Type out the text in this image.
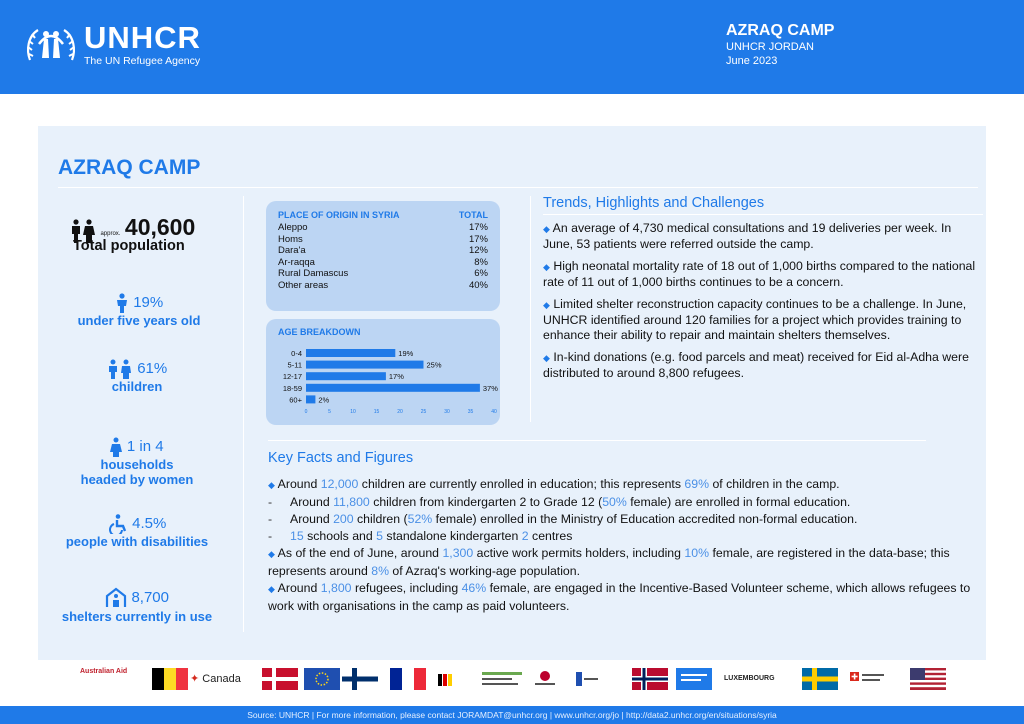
UNHCR
The UN Refugee Agency
AZRAQ CAMP
UNHCR JORDAN
June 2023
AZRAQ CAMP
approx. 40,600
Total population
19%
under five years old
61%
children
1 in 4
households
headed by women
4.5%
people with disabilities
8,700
shelters currently in use
PLACE OF ORIGIN IN SYRIA	TOTAL
Aleppo	17%
Homs	17%
Dara'a	12%
Ar-raqqa	8%
Rural Damascus	6%
Other areas	40%
AGE BREAKDOWN
0-4	19%
5-11	25%
12-17	17%
18-59	37%
60+ 2%
0	5	10	15	20	25	30	35	40
Trends, Highlights and Challenges

◆ An average of 4,730 medical consultations and 19 deliveries per week. In June, 53 patients were referred outside the camp.

◆ High neonatal mortality rate of 18 out of 1,000 births compared to the national rate of 11 out of 1,000 births continues to be a concern.

◆ Limited shelter reconstruction capacity continues to be a challenge. In June, UNHCR identified around 120 families for a project which provides training to enhance their ability to repair and maintain shelters themselves.

◆ In-kind donations (e.g. food parcels and meat) received for Eid al-Adha were distributed to around 8,800 refugees.

Key Facts and Figures
◆ Around 12,000 children are currently enrolled in education; this represents 69% of children in the camp.
- Around 11,800 children from kindergarten 2 to Grade 12 (50% female) are enrolled in formal education.
- Around 200 children (52% female) enrolled in the Ministry of Education accredited non-formal education.
- 15 schools and 5 standalone kindergarten 2 centres
◆ As of the end of June, around 1,300 active work permits holders, including 10% female, are registered in the data-base; this represents around 8% of Azraq's working-age population.
◆ Around 1,800 refugees, including 46% female, are engaged in the Incentive-Based Volunteer scheme, which allows refugees to work with organisations in the camp as paid volunteers.
Australian Aid
✦ Canada	LUXEMBOURG
Source: UNHCR | For more information, please contact JORAMDAT@unhcr.org | www.unhcr.org/jo | http://data2.unhcr.org/en/situations/syria
